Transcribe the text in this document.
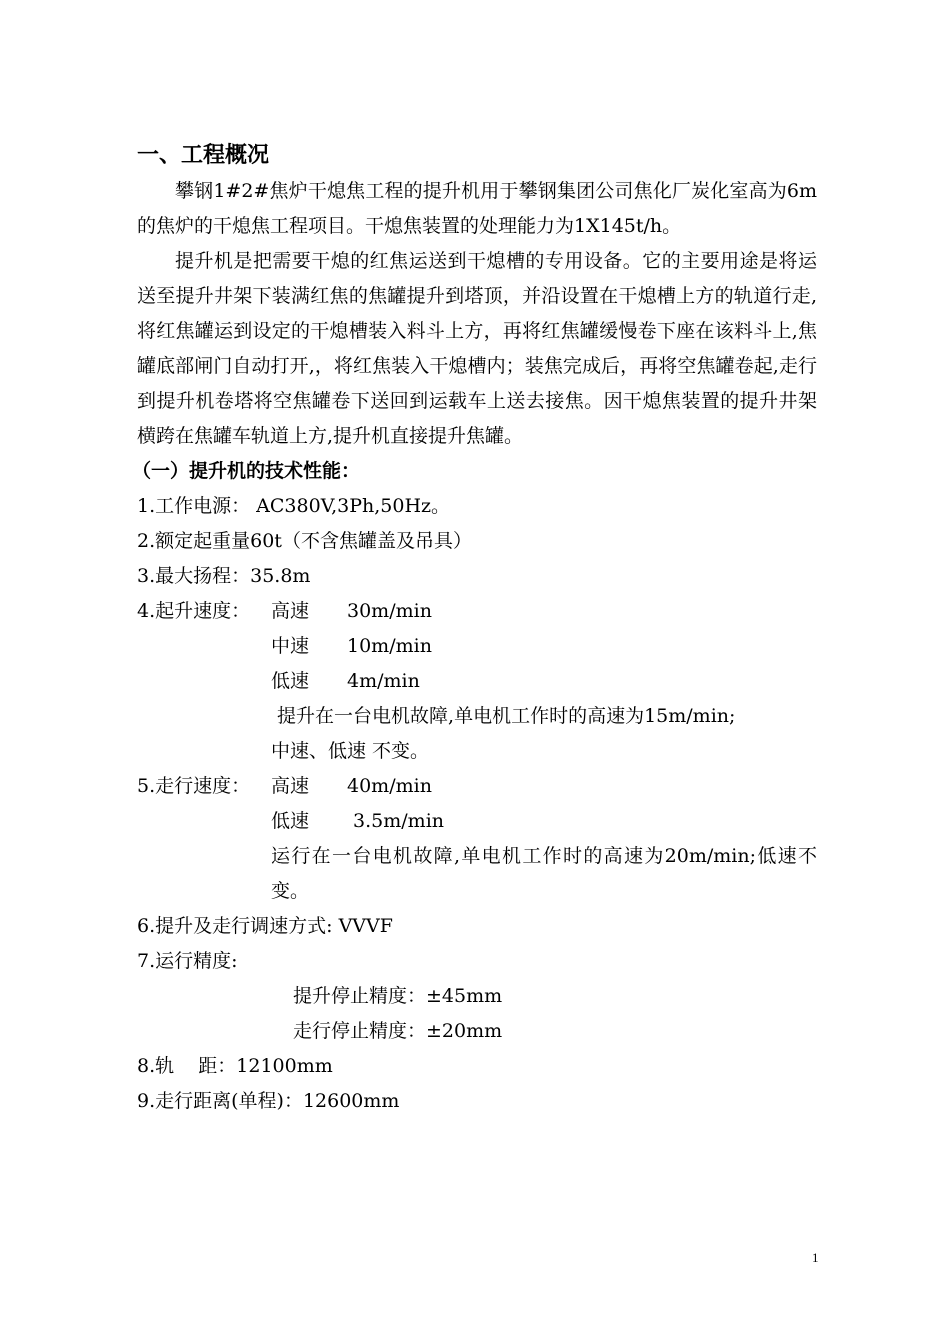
一、工程概况

攀钢1#2#焦炉干熄焦工程的提升机用于攀钢集团公司焦化厂炭化室高为6m的焦炉的干熄焦工程项目。干熄焦装置的处理能力为1X145t/h。

提升机是把需要干熄的红焦运送到干熄槽的专用设备。它的主要用途是将运送至提升井架下装满红焦的焦罐提升到塔顶，并沿设置在干熄槽上方的轨道行走,将红焦罐运到设定的干熄槽装入料斗上方，再将红焦罐缓慢卷下座在该料斗上,焦罐底部闸门自动打开,，将红焦装入干熄槽内；装焦完成后，再将空焦罐卷起,走行到提升机卷塔将空焦罐卷下送回到运载车上送去接焦。因干熄焦装置的提升井架横跨在焦罐车轨道上方,提升机直接提升焦罐。

（一）提升机的技术性能：
1.工作电源： AC380V,3Ph,50Hz。
2.额定起重量60t（不含焦罐盖及吊具）
3.最大扬程：35.8m
4.起升速度：	高速	30m/min
中速	10m/min
低速	4m/min
提升在一台电机故障,单电机工作时的高速为15m/min;
中速、低速 不变。
5.走行速度：	高速	40m/min
低速	3.5m/min
运行在一台电机故障,单电机工作时的高速为20m/min;低速不变。
6.提升及走行调速方式: VVVF
7.运行精度:
提升停止精度：±45mm
走行停止精度：±20mm
8.轨    距：12100mm
9.走行距离(单程)：12600mm
1
